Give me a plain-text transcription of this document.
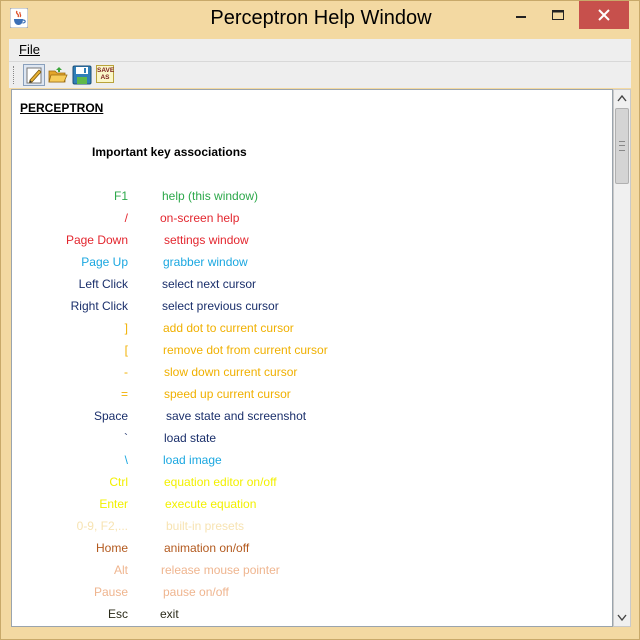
Perceptron Help Window
File
SAVE
AS
PERCEPTRON
Important key associations
F1	help (this window)
/	on-screen help
Page Down	settings window
Page Up	grabber window
Left Click	select next cursor
Right Click	select previous cursor
]	add dot to current cursor
[	remove dot from current cursor
-	slow down current cursor
=	speed up current cursor
Space	save state and screenshot
`	load state
\	load image
Ctrl	equation editor on/off
Enter	execute equation
0-9, F2,...	built-in presets
Home	animation on/off
Alt	release mouse pointer
Pause	pause on/off
Esc	exit
